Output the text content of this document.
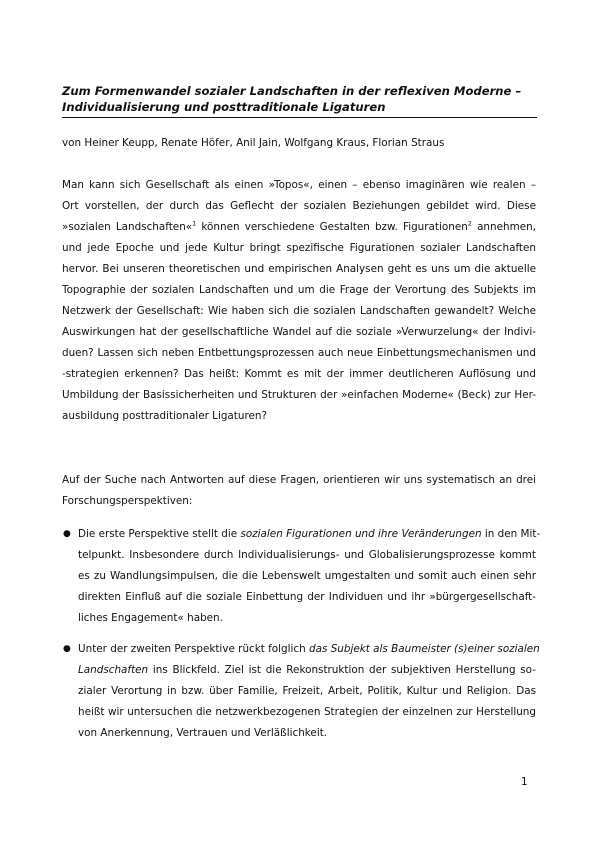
Zum Formenwandel sozialer Landschaften in der reflexiven Moderne –
Individualisierung und posttraditionale Ligaturen
von Heiner Keupp, Renate Höfer, Anil Jain, Wolfgang Kraus, Florian Straus
Man kann sich Gesellschaft als einen »Topos«, einen – ebenso imaginären wie realen –
Ort vorstellen, der durch das Geflecht der sozialen Beziehungen gebildet wird. Diese
»sozialen Landschaften«$^1$ können verschiedene Gestalten bzw. Figurationen$^2$ annehmen,
und jede Epoche und jede Kultur bringt spezifische Figurationen sozialer Landschaften
hervor. Bei unseren theoretischen und empirischen Analysen geht es uns um die aktuelle
Topographie der sozialen Landschaften und um die Frage der Verortung des Subjekts im
Netzwerk der Gesellschaft: Wie haben sich die sozialen Landschaften gewandelt? Welche
Auswirkungen hat der gesellschaftliche Wandel auf die soziale »Verwurzelung« der Indivi-
duen? Lassen sich neben Entbettungsprozessen auch neue Einbettungsmechanismen und
-strategien erkennen? Das heißt: Kommt es mit der immer deutlicheren Auflösung und
Umbildung der Basissicherheiten und Strukturen der »einfachen Moderne« (Beck) zur Her-
ausbildung posttraditionaler Ligaturen?
Auf der Suche nach Antworten auf diese Fragen, orientieren wir uns systematisch an drei
Forschungsperspektiven:
● Die erste Perspektive stellt die sozialen Figurationen und ihre Veränderungen in den Mit-
telpunkt. Insbesondere durch Individualisierungs- und Globalisierungsprozesse kommt
es zu Wandlungsimpulsen, die die Lebenswelt umgestalten und somit auch einen sehr
direkten Einfluß auf die soziale Einbettung der Individuen und ihr »bürgergesellschaft-
liches Engagement« haben.
● Unter der zweiten Perspektive rückt folglich das Subjekt als Baumeister (s)einer sozialen
Landschaften ins Blickfeld. Ziel ist die Rekonstruktion der subjektiven Herstellung so-
zialer Verortung in bzw. über Familie, Freizeit, Arbeit, Politik, Kultur und Religion. Das
heißt wir untersuchen die netzwerkbezogenen Strategien der einzelnen zur Herstellung
von Anerkennung, Vertrauen und Verläßlichkeit.
1
